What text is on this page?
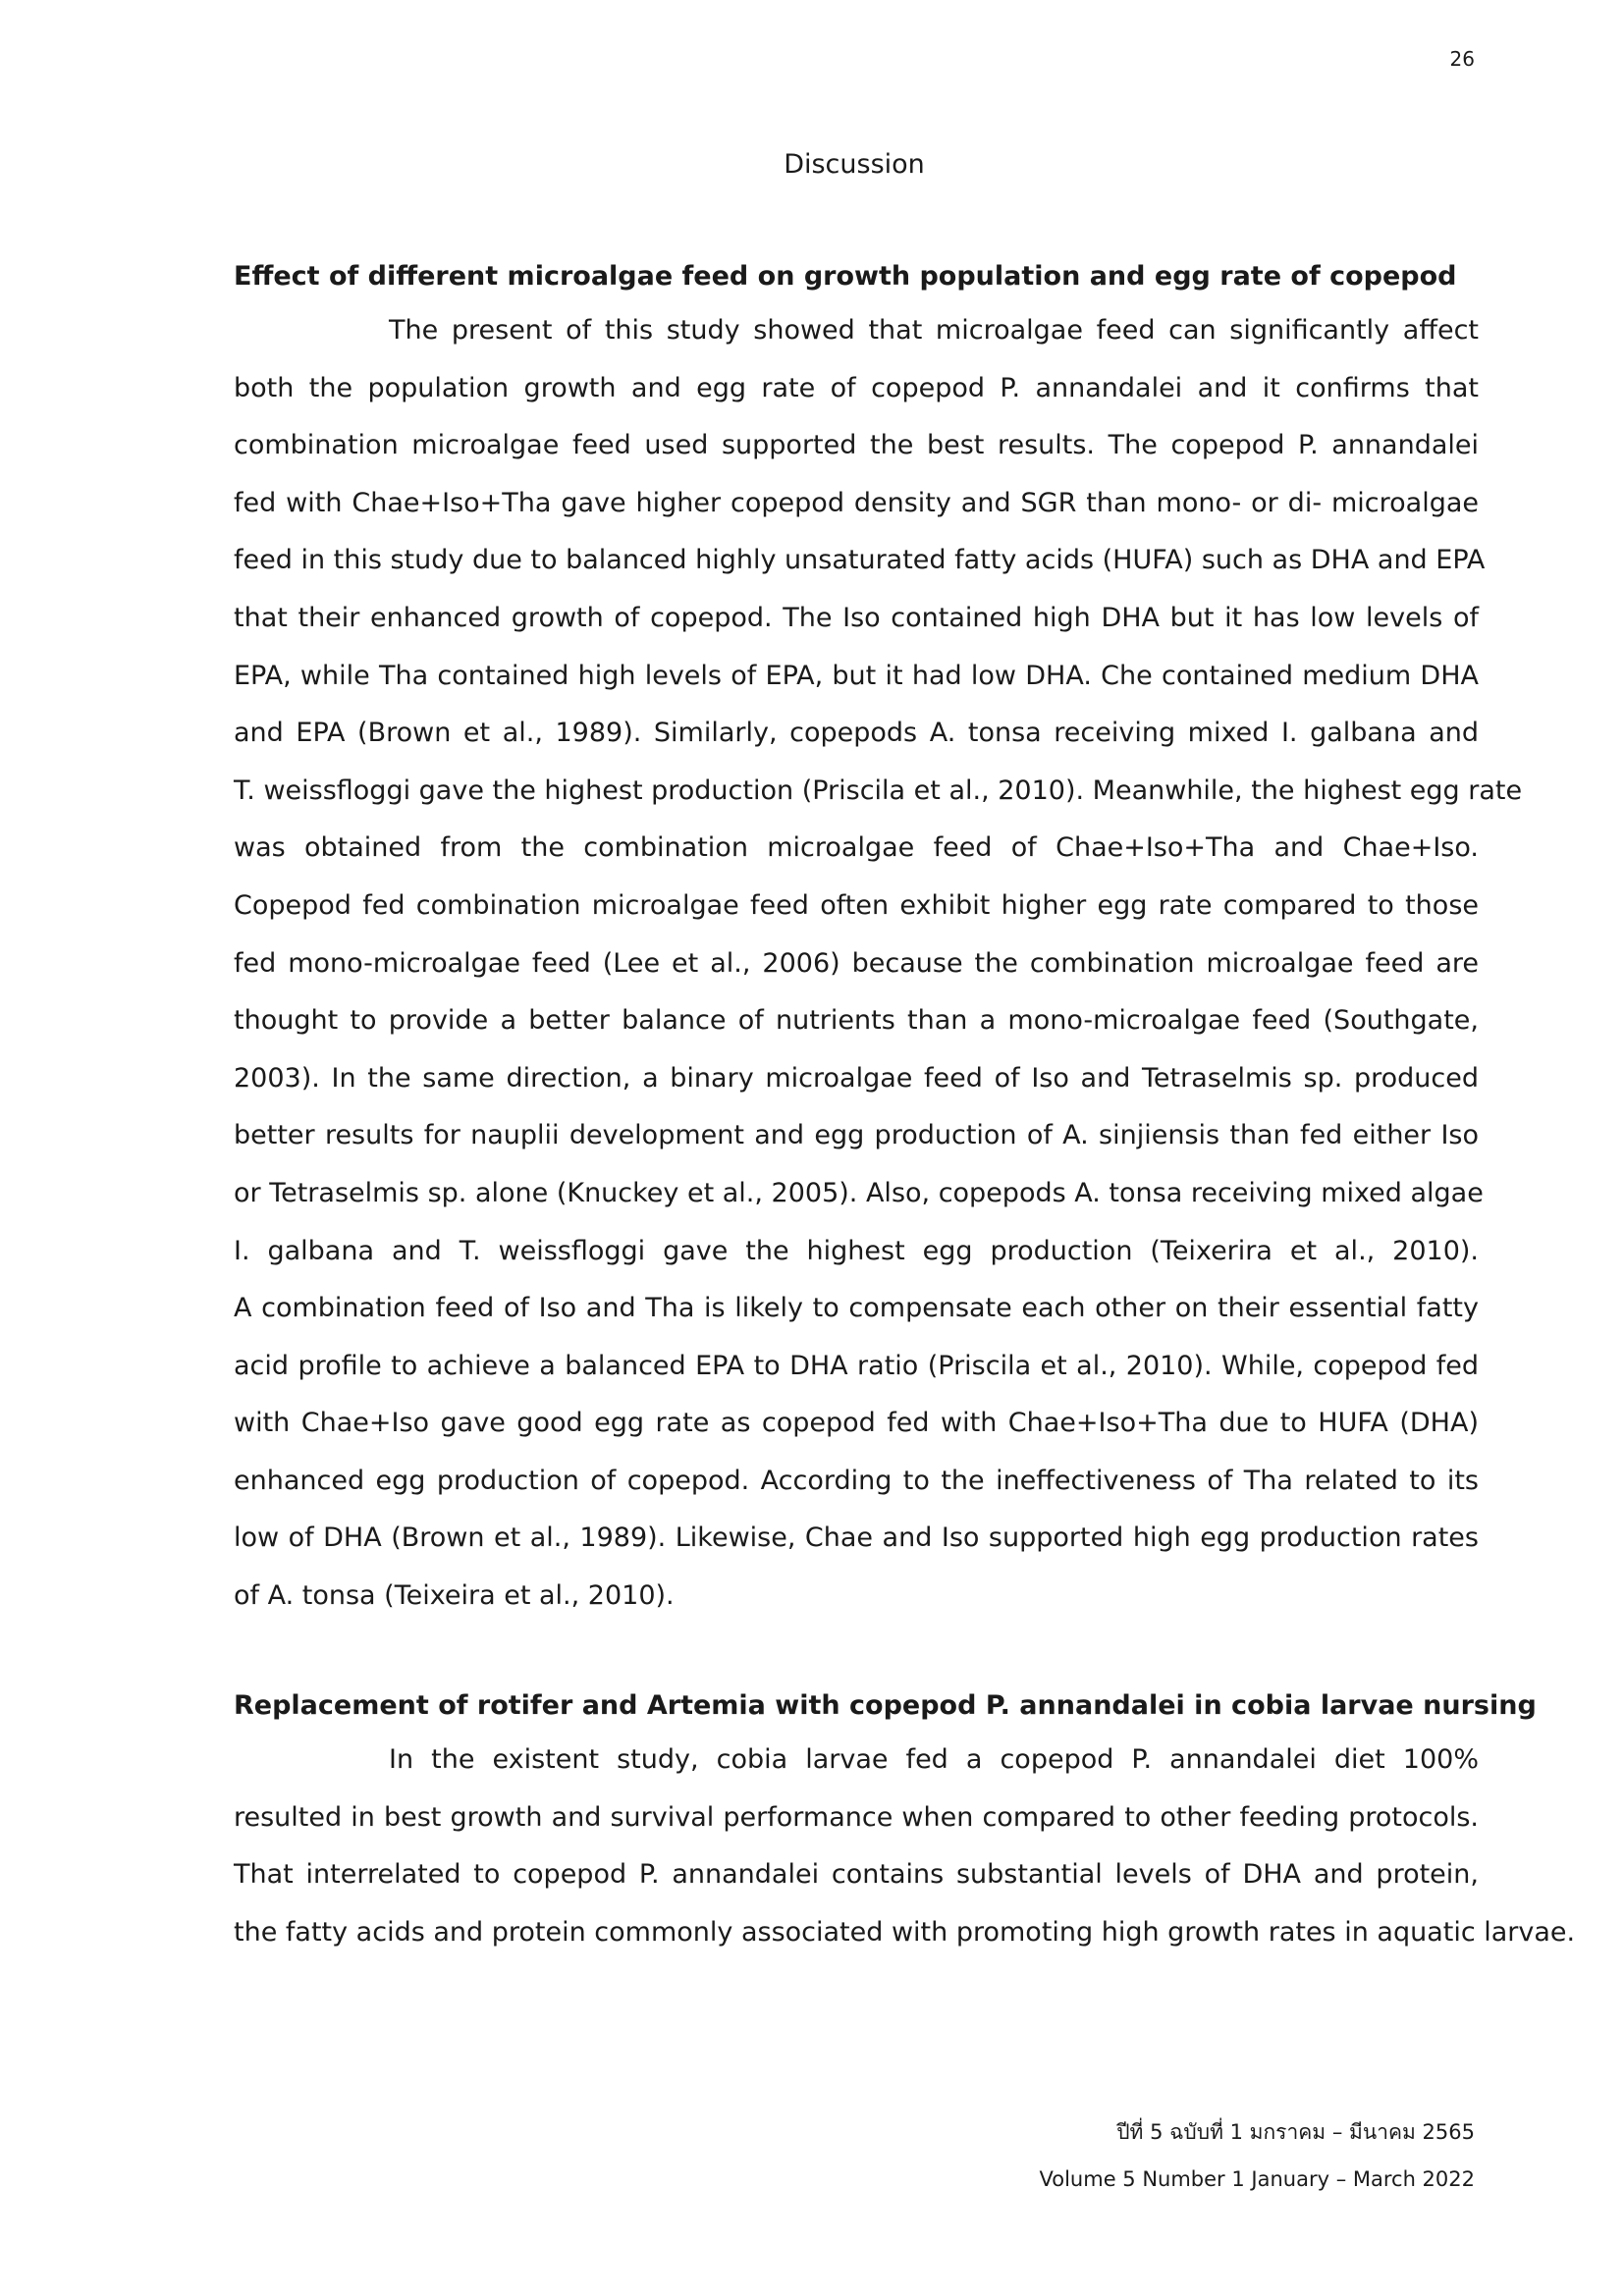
26
Discussion
Effect of different microalgae feed on growth population and egg rate of copepod
The present of this study showed that microalgae feed can significantly affect
both the population growth and egg rate of copepod P. annandalei and it confirms that
combination microalgae feed used supported the best results. The copepod P. annandalei
fed with Chae+Iso+Tha gave higher copepod density and SGR than mono- or di- microalgae
feed in this study due to balanced highly unsaturated fatty acids (HUFA) such as DHA and EPA
that their enhanced growth of copepod. The Iso contained high DHA but it has low levels of
EPA, while Tha contained high levels of EPA, but it had low DHA. Che contained medium DHA
and EPA (Brown et al., 1989). Similarly, copepods A. tonsa receiving mixed I. galbana and
T. weissfloggi gave the highest production (Priscila et al., 2010). Meanwhile, the highest egg rate
was obtained from the combination microalgae feed of Chae+Iso+Tha and Chae+Iso.
Copepod fed combination microalgae feed often exhibit higher egg rate compared to those
fed mono-microalgae feed (Lee et al., 2006) because the combination microalgae feed are
thought to provide a better balance of nutrients than a mono-microalgae feed (Southgate,
2003). In the same direction, a binary microalgae feed of Iso and Tetraselmis sp. produced
better results for nauplii development and egg production of A. sinjiensis than fed either Iso
or Tetraselmis sp. alone (Knuckey et al., 2005). Also, copepods A. tonsa receiving mixed algae
I. galbana and T. weissfloggi gave the highest egg production (Teixerira et al., 2010).
A combination feed of Iso and Tha is likely to compensate each other on their essential fatty
acid profile to achieve a balanced EPA to DHA ratio (Priscila et al., 2010). While, copepod fed
with Chae+Iso gave good egg rate as copepod fed with Chae+Iso+Tha due to HUFA (DHA)
enhanced egg production of copepod. According to the ineffectiveness of Tha related to its
low of DHA (Brown et al., 1989). Likewise, Chae and Iso supported high egg production rates
of A. tonsa (Teixeira et al., 2010).
Replacement of rotifer and Artemia with copepod P. annandalei in cobia larvae nursing
In the existent study, cobia larvae fed a copepod P. annandalei diet 100%
resulted in best growth and survival performance when compared to other feeding protocols.
That interrelated to copepod P. annandalei contains substantial levels of DHA and protein,
the fatty acids and protein commonly associated with promoting high growth rates in aquatic larvae.
ปีที่ 5 ฉบับที่ 1 มกราคม – มีนาคม 2565
Volume 5 Number 1 January – March 2022
